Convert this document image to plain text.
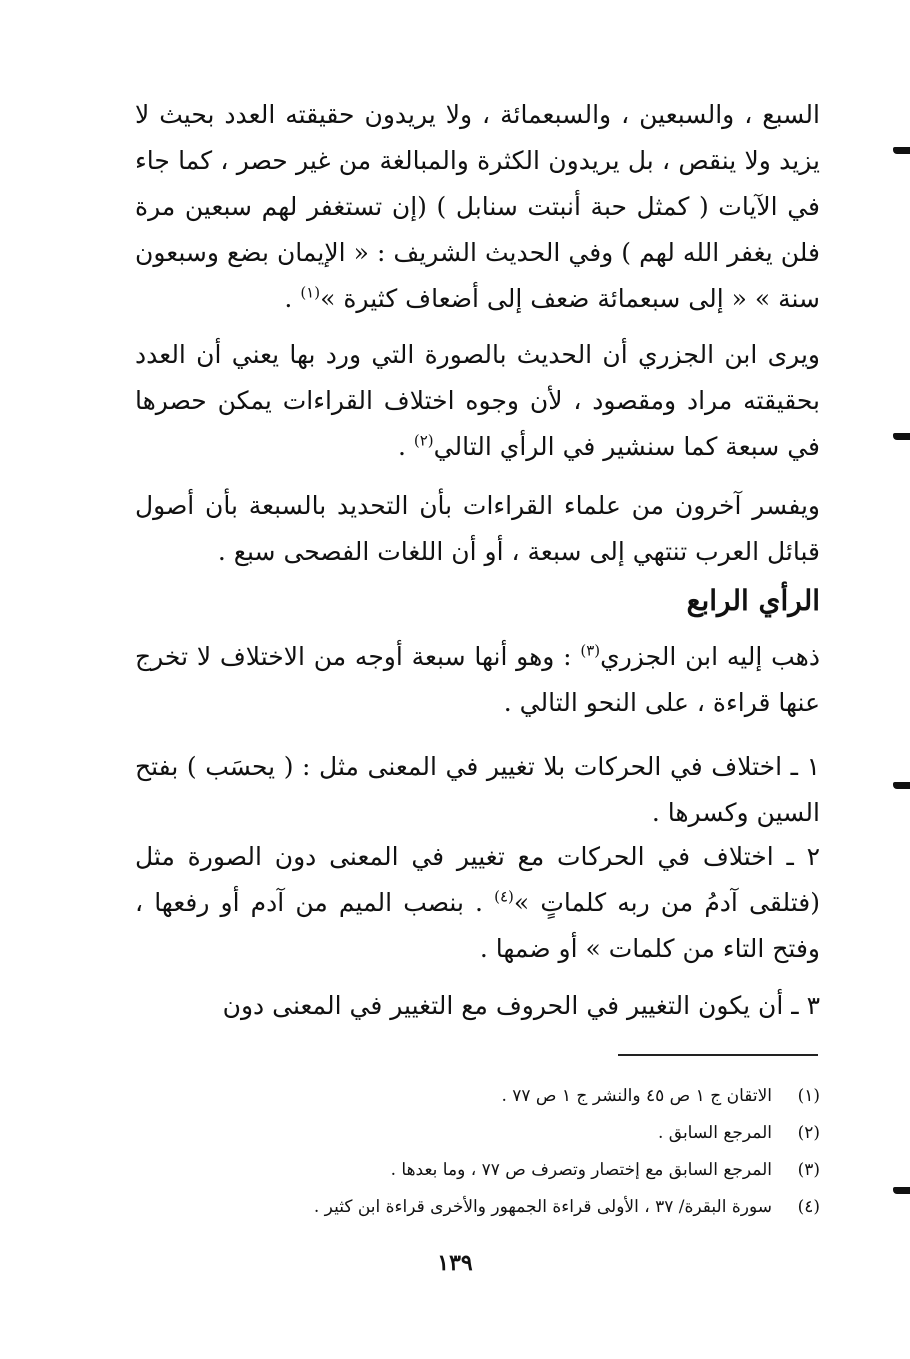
السبع ، والسبعين ، والسبعمائة ، ولا يريدون حقيقته العدد بحيث لا يزيد ولا ينقص ، بل يريدون الكثرة والمبالغة من غير حصر ، كما جاء في الآيات ( كمثل حبة أنبتت سنابل ) (إن تستغفر لهم سبعين مرة فلن يغفر الله لهم ) وفي الحديث الشريف : « الإيمان بضع وسبعون سنة » « إلى سبعمائة ضعف إلى أضعاف كثيرة »$^{(١)}$ .

ويرى ابن الجزري أن الحديث بالصورة التي ورد بها يعني أن العدد بحقيقته مراد ومقصود ، لأن وجوه اختلاف القراءات يمكن حصرها في سبعة كما سنشير في الرأي التالي$^{(٢)}$ .

ويفسر آخرون من علماء القراءات بأن التحديد بالسبعة بأن أصول قبائل العرب تنتهي إلى سبعة ، أو أن اللغات الفصحى سبع .

الرأي الرابع

ذهب إليه ابن الجزري$^{(٣)}$ : وهو أنها سبعة أوجه من الاختلاف لا تخرج عنها قراءة ، على النحو التالي .

١ ـ اختلاف في الحركات بلا تغيير في المعنى مثل : ( يحسَب ) بفتح السين وكسرها .

٢ ـ اختلاف في الحركات مع تغيير في المعنى دون الصورة مثل (فتلقى آدمُ من ربه كلماتٍ »$^{(٤)}$ . بنصب الميم من آدم أو رفعها ، وفتح التاء من كلمات » أو ضمها .

٣ ـ أن يكون التغيير في الحروف مع التغيير في المعنى دون

(١)الاتقان ج ١ ص ٤٥ والنشر ج ١ ص ٧٧ .

(٢)المرجع السابق .

(٣)المرجع السابق مع إختصار وتصرف ص ٧٧ ، وما بعدها .

(٤)سورة البقرة/ ٣٧ ، الأولى قراءة الجمهور والأخرى قراءة ابن كثير .

١٣٩
